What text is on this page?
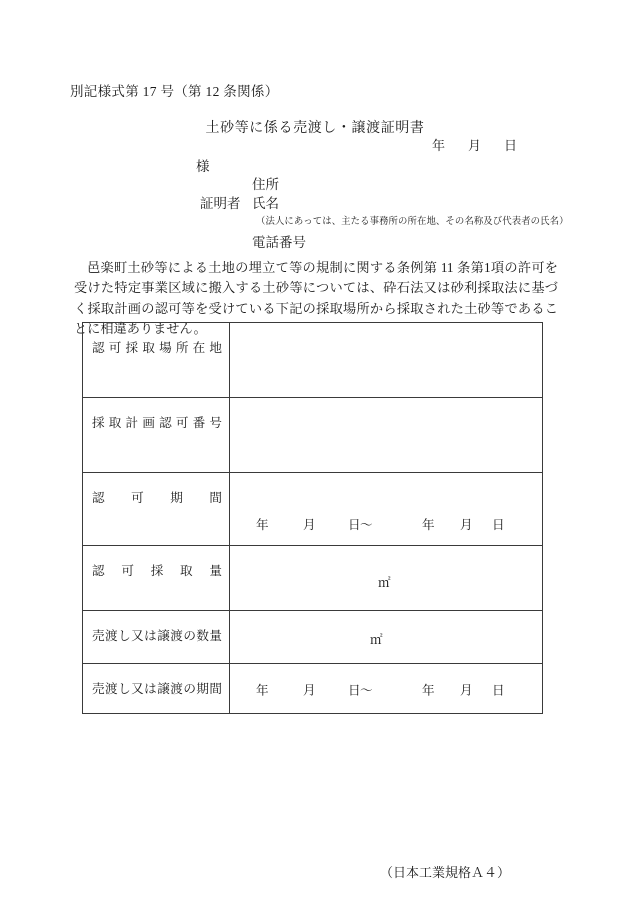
別記様式第 17 号（第 12 条関係）
土砂等に係る売渡し・譲渡証明書
年 月 日
様
住所
証明者 氏名
（法人にあっては、主たる事務所の所在地、その名称及び代表者の氏名）
電話番号
邑楽町土砂等による土地の埋立て等の規制に関する条例第 11 条第1項の許可を受けた特定事業区域に搬入する土砂等については、砕石法又は砂利採取法に基づく採取計画の認可等を受けている下記の採取場所から採取された土砂等であることに相違ありません。
認可採取場所在地	

採取計画認可番号	

認可期間	年 月 日～ 年 月 日

認可採取量	㎡

売渡し又は譲渡の数量	㎡

売渡し又は譲渡の期間	年 月 日～ 年 月 日
（日本工業規格Ａ４）
